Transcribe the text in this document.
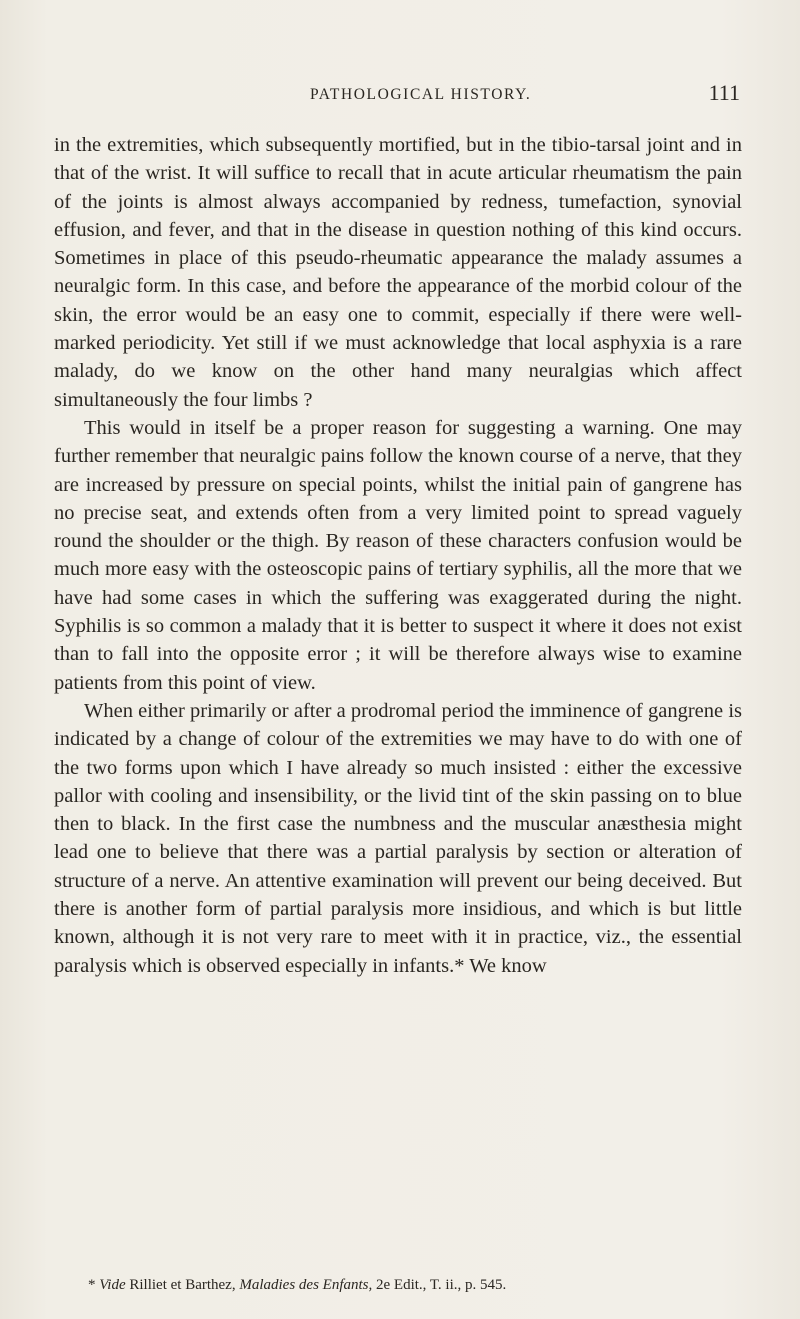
PATHOLOGICAL HISTORY.	111

in the extremities, which subsequently mortified, but in the tibio-tarsal joint and in that of the wrist. It will suffice to recall that in acute articular rheumatism the pain of the joints is almost always accompanied by redness, tumefaction, synovial effusion, and fever, and that in the disease in question nothing of this kind occurs. Sometimes in place of this pseudo-rheumatic appearance the malady assumes a neuralgic form. In this case, and before the appearance of the morbid colour of the skin, the error would be an easy one to commit, especially if there were well-marked periodicity. Yet still if we must acknowledge that local asphyxia is a rare malady, do we know on the other hand many neuralgias which affect simultaneously the four limbs ?

This would in itself be a proper reason for suggesting a warning. One may further remember that neuralgic pains follow the known course of a nerve, that they are increased by pressure on special points, whilst the initial pain of gangrene has no precise seat, and extends often from a very limited point to spread vaguely round the shoulder or the thigh. By reason of these characters confusion would be much more easy with the osteoscopic pains of tertiary syphilis, all the more that we have had some cases in which the suffering was exaggerated during the night. Syphilis is so common a malady that it is better to suspect it where it does not exist than to fall into the opposite error ; it will be therefore always wise to examine patients from this point of view.

When either primarily or after a prodromal period the imminence of gangrene is indicated by a change of colour of the extremities we may have to do with one of the two forms upon which I have already so much insisted : either the excessive pallor with cooling and insensibility, or the livid tint of the skin passing on to blue then to black. In the first case the numbness and the muscular anæsthesia might lead one to believe that there was a partial paralysis by section or alteration of structure of a nerve. An attentive examination will prevent our being deceived. But there is another form of partial paralysis more insidious, and which is but little known, although it is not very rare to meet with it in practice, viz., the essential paralysis which is observed especially in infants.* We know

* Vide Rilliet et Barthez, Maladies des Enfants, 2e Edit., T. ii., p. 545.
